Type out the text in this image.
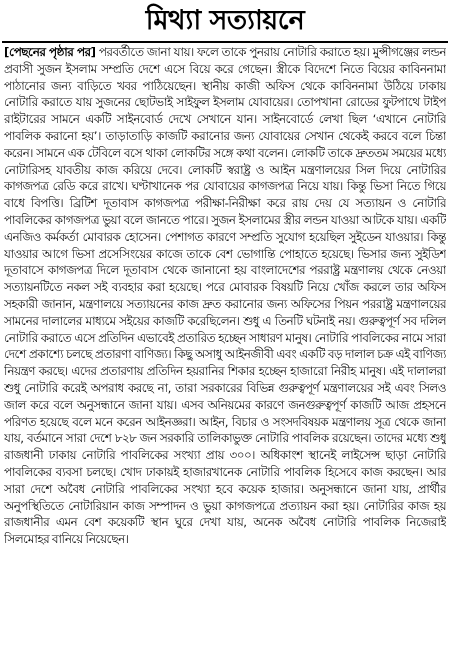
মিথ্যা সত্যায়নে

[পেছনের পৃষ্ঠার পর] পরবর্তীতে জানা যায়। ফলে তাকে পুনরায় নোটারি করাতে হয়। মুন্সীগঞ্জের লন্ডন প্রবাসী সুজন ইসলাম সম্প্রতি দেশে এসে বিয়ে করে গেছেন। স্ত্রীকে বিদেশে নিতে বিয়ের কাবিননামা পাঠানোর জন্য বাড়িতে খবর পাঠিয়েছেন। স্থানীয় কাজী অফিস থেকে কাবিননামা উঠিয়ে ঢাকায় নোটারি করাতে যায় সুজনের ছোটভাই সাইফুল ইসলাম যোবায়ের। তোপখানা রোডের ফুটপাথে টাইপ রাইটারের সামনে একটি সাইনবোর্ড দেখে সেখানে যান। সাইনবোর্ডে লেখা ছিল ‘এখানে নোটারি পাবলিক করানো হয়’। তাড়াতাড়ি কাজটি করানোর জন্য যোবায়ের সেখান থেকেই করবে বলে চিন্তা করেন। সামনে এক টেবিলে বসে থাকা লোকটির সঙ্গে কথা বলেন। লোকটি তাকে দ্রুততম সময়ের মধ্যে নোটারিসহ যাবতীয় কাজ করিয়ে দেবে। লোকটি স্বরাষ্ট্র ও আইন মন্ত্রণালয়ের সিল দিয়ে নোটারির কাগজপত্র রেডি করে রাখে। ঘণ্টাখানেক পর যোবায়ের কাগজপত্র নিয়ে যায়। কিন্তু ভিসা নিতে গিয়ে বাধে বিপত্তি। ব্রিটিশ দূতাবাস কাগজপত্র পরীক্ষা-নিরীক্ষা করে রায় দেয় যে সত্যায়ন ও নোটারি পাবলিকের কাগজপত্র ভুয়া বলে জানতে পারে। সুজন ইসলামের স্ত্রীর লন্ডন যাওয়া আটকে যায়। একটি এনজিও কর্মকর্তা মোবারক হোসেন। পেশাগত কারণে সম্প্রতি সুযোগ হয়েছিল সুইডেন যাওয়ার। কিন্তু যাওয়ার আগে ভিসা প্রসেসিংয়ের কাজে তাকে বেশ ভোগান্তি পোহাতে হয়েছে। ভিসার জন্য সুইডিশ দূতাবাসে কাগজপত্র দিলে দূতাবাস থেকে জানানো হয় বাংলাদেশের পররাষ্ট্র মন্ত্রণালয় থেকে নেওয়া সত্যায়নটিতে নকল সই ব্যবহার করা হয়েছে। পরে মোবারক বিষয়টি নিয়ে খোঁজ করলে তার অফিস সহকারী জানান, মন্ত্রণালয়ে সত্যায়নের কাজ দ্রুত করানোর জন্য অফিসের পিয়ন পররাষ্ট্র মন্ত্রণালয়ের সামনের দালালের মাধ্যমে সইয়ের কাজটি করেছিলেন। শুধু এ তিনটি ঘটনাই নয়। গুরুত্বপূর্ণ সব দলিল নোটারি করাতে এসে প্রতিদিন এভাবেই প্রতারিত হচ্ছেন সাধারণ মানুষ। নোটারি পাবলিকের নামে সারা দেশে প্রকাশ্যে চলছে প্রতারণা বাণিজ্য। কিছু অসাধু আইনজীবী এবং একটি বড় দালাল চক্র এই বাণিজ্য নিয়ন্ত্রণ করছে। এদের প্রতারণায় প্রতিদিন হয়রানির শিকার হচ্ছেন হাজারো নিরীহ মানুষ। এই দালালরা শুধু নোটারি করেই অপরাধ করছে না, তারা সরকারের বিভিন্ন গুরুত্বপূর্ণ মন্ত্রণালয়ের সই এবং সিলও জাল করে বলে অনুসন্ধানে জানা যায়। এসব অনিয়মের কারণে জনগুরুত্বপূর্ণ কাজটি আজ প্রহসনে পরিণত হয়েছে বলে মনে করেন আইনজ্ঞরা। আইন, বিচার ও সংসদবিষয়ক মন্ত্রণালয় সূত্র থেকে জানা যায়, বর্তমানে সারা দেশে ৮২৮ জন সরকারি তালিকাভুক্ত নোটারি পাবলিক রয়েছেন। তাদের মধ্যে শুধু রাজধানী ঢাকায় নোটারি পাবলিকের সংখ্যা প্রায় ৩০০। অধিকাংশ স্থানেই লাইসেন্স ছাড়া নোটারি পাবলিকের ব্যবসা চলছে। খোদ ঢাকায়ই হাজারখানেক নোটারি পাবলিক হিসেবে কাজ করছেন। আর সারা দেশে অবৈধ নোটারি পাবলিকের সংখ্যা হবে কয়েক হাজার। অনুসন্ধানে জানা যায়, প্রার্থীর অনুপস্থিতিতে নোটারিয়ান কাজ সম্পাদন ও ভুয়া কাগজপত্রে প্রত্যায়ন করা হয়। নোটারির কাজ হয় রাজধানীর এমন বেশ কয়েকটি স্থান ঘুরে দেখা যায়, অনেক অবৈধ নোটারি পাবলিক নিজেরাই সিলমোহর বানিয়ে নিয়েছেন।
